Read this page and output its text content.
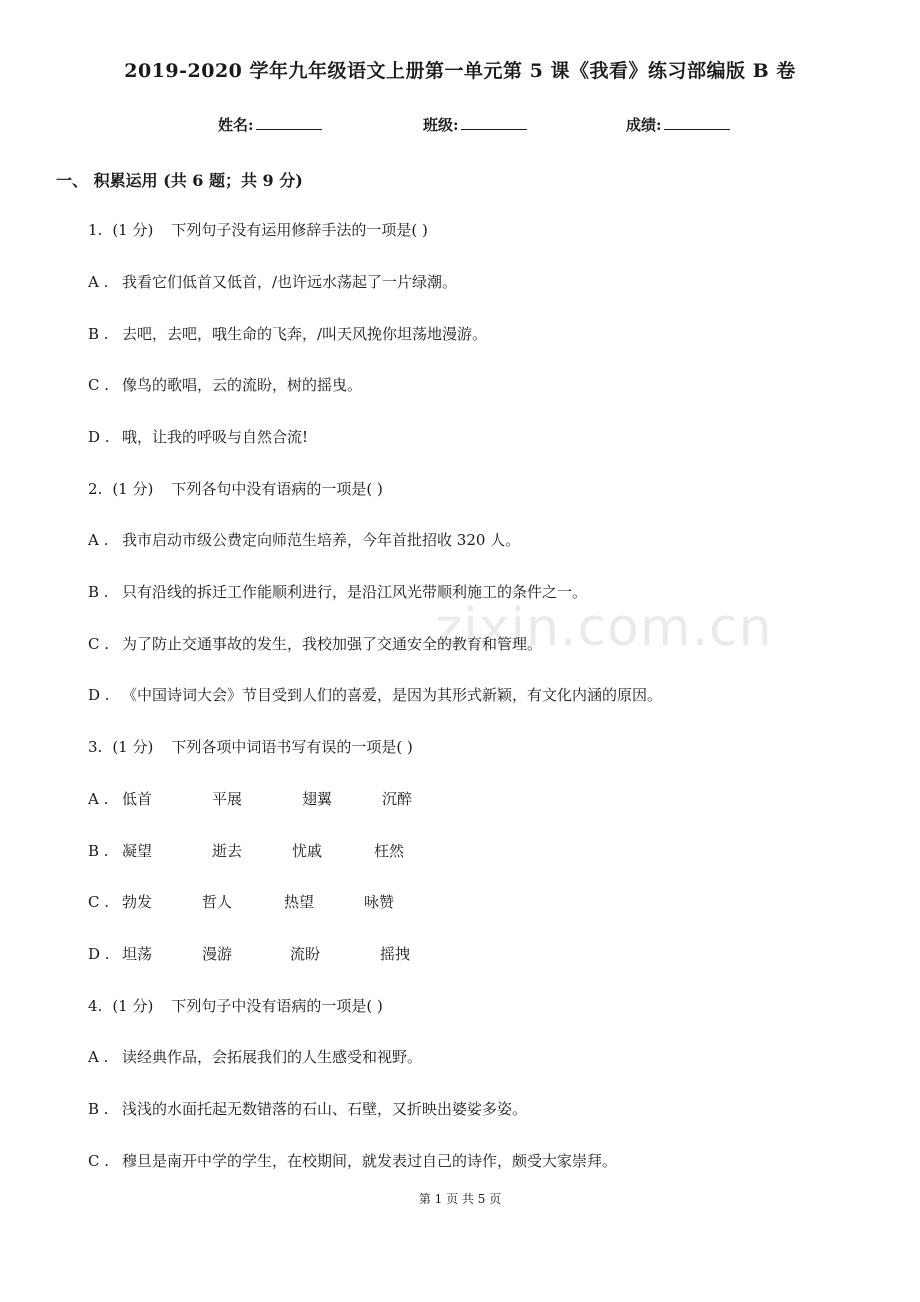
2019-2020 学年九年级语文上册第一单元第 5 课《我看》练习部编版 B 卷
姓名:	班级:	成绩:
一、 积累运用 (共 6 题；共 9 分)
1. (1 分) 下列句子没有运用修辞手法的一项是( )
A . 我看它们低首又低首，/也许远水荡起了一片绿潮。
B . 去吧，去吧，哦生命的飞奔，/叫天风挽你坦荡地漫游。
C . 像鸟的歌唱，云的流盼，树的摇曳。
D . 哦，让我的呼吸与自然合流!
2. (1 分) 下列各句中没有语病的一项是( )
A . 我市启动市级公费定向师范生培养，今年首批招收 320 人。
B . 只有沿线的拆迁工作能顺利进行，是沿江风光带顺利施工的条件之一。
C . 为了防止交通事故的发生，我校加强了交通安全的教育和管理。
D . 《中国诗词大会》节目受到人们的喜爱，是因为其形式新颖，有文化内涵的原因。
3. (1 分) 下列各项中词语书写有误的一项是( )
A . 低首	平展	翅翼	沉醉
B . 凝望	逝去	忧戚	枉然
C . 勃发	哲人	热望	咏赞
D . 坦荡	漫游	流盼	摇拽
4. (1 分) 下列句子中没有语病的一项是( )
A . 读经典作品，会拓展我们的人生感受和视野。
B . 浅浅的水面托起无数错落的石山、石壁，又折映出婆娑多姿。
C . 穆旦是南开中学的学生，在校期间，就发表过自己的诗作，颇受大家崇拜。
zixin.com.cn
第 1 页 共 5 页
